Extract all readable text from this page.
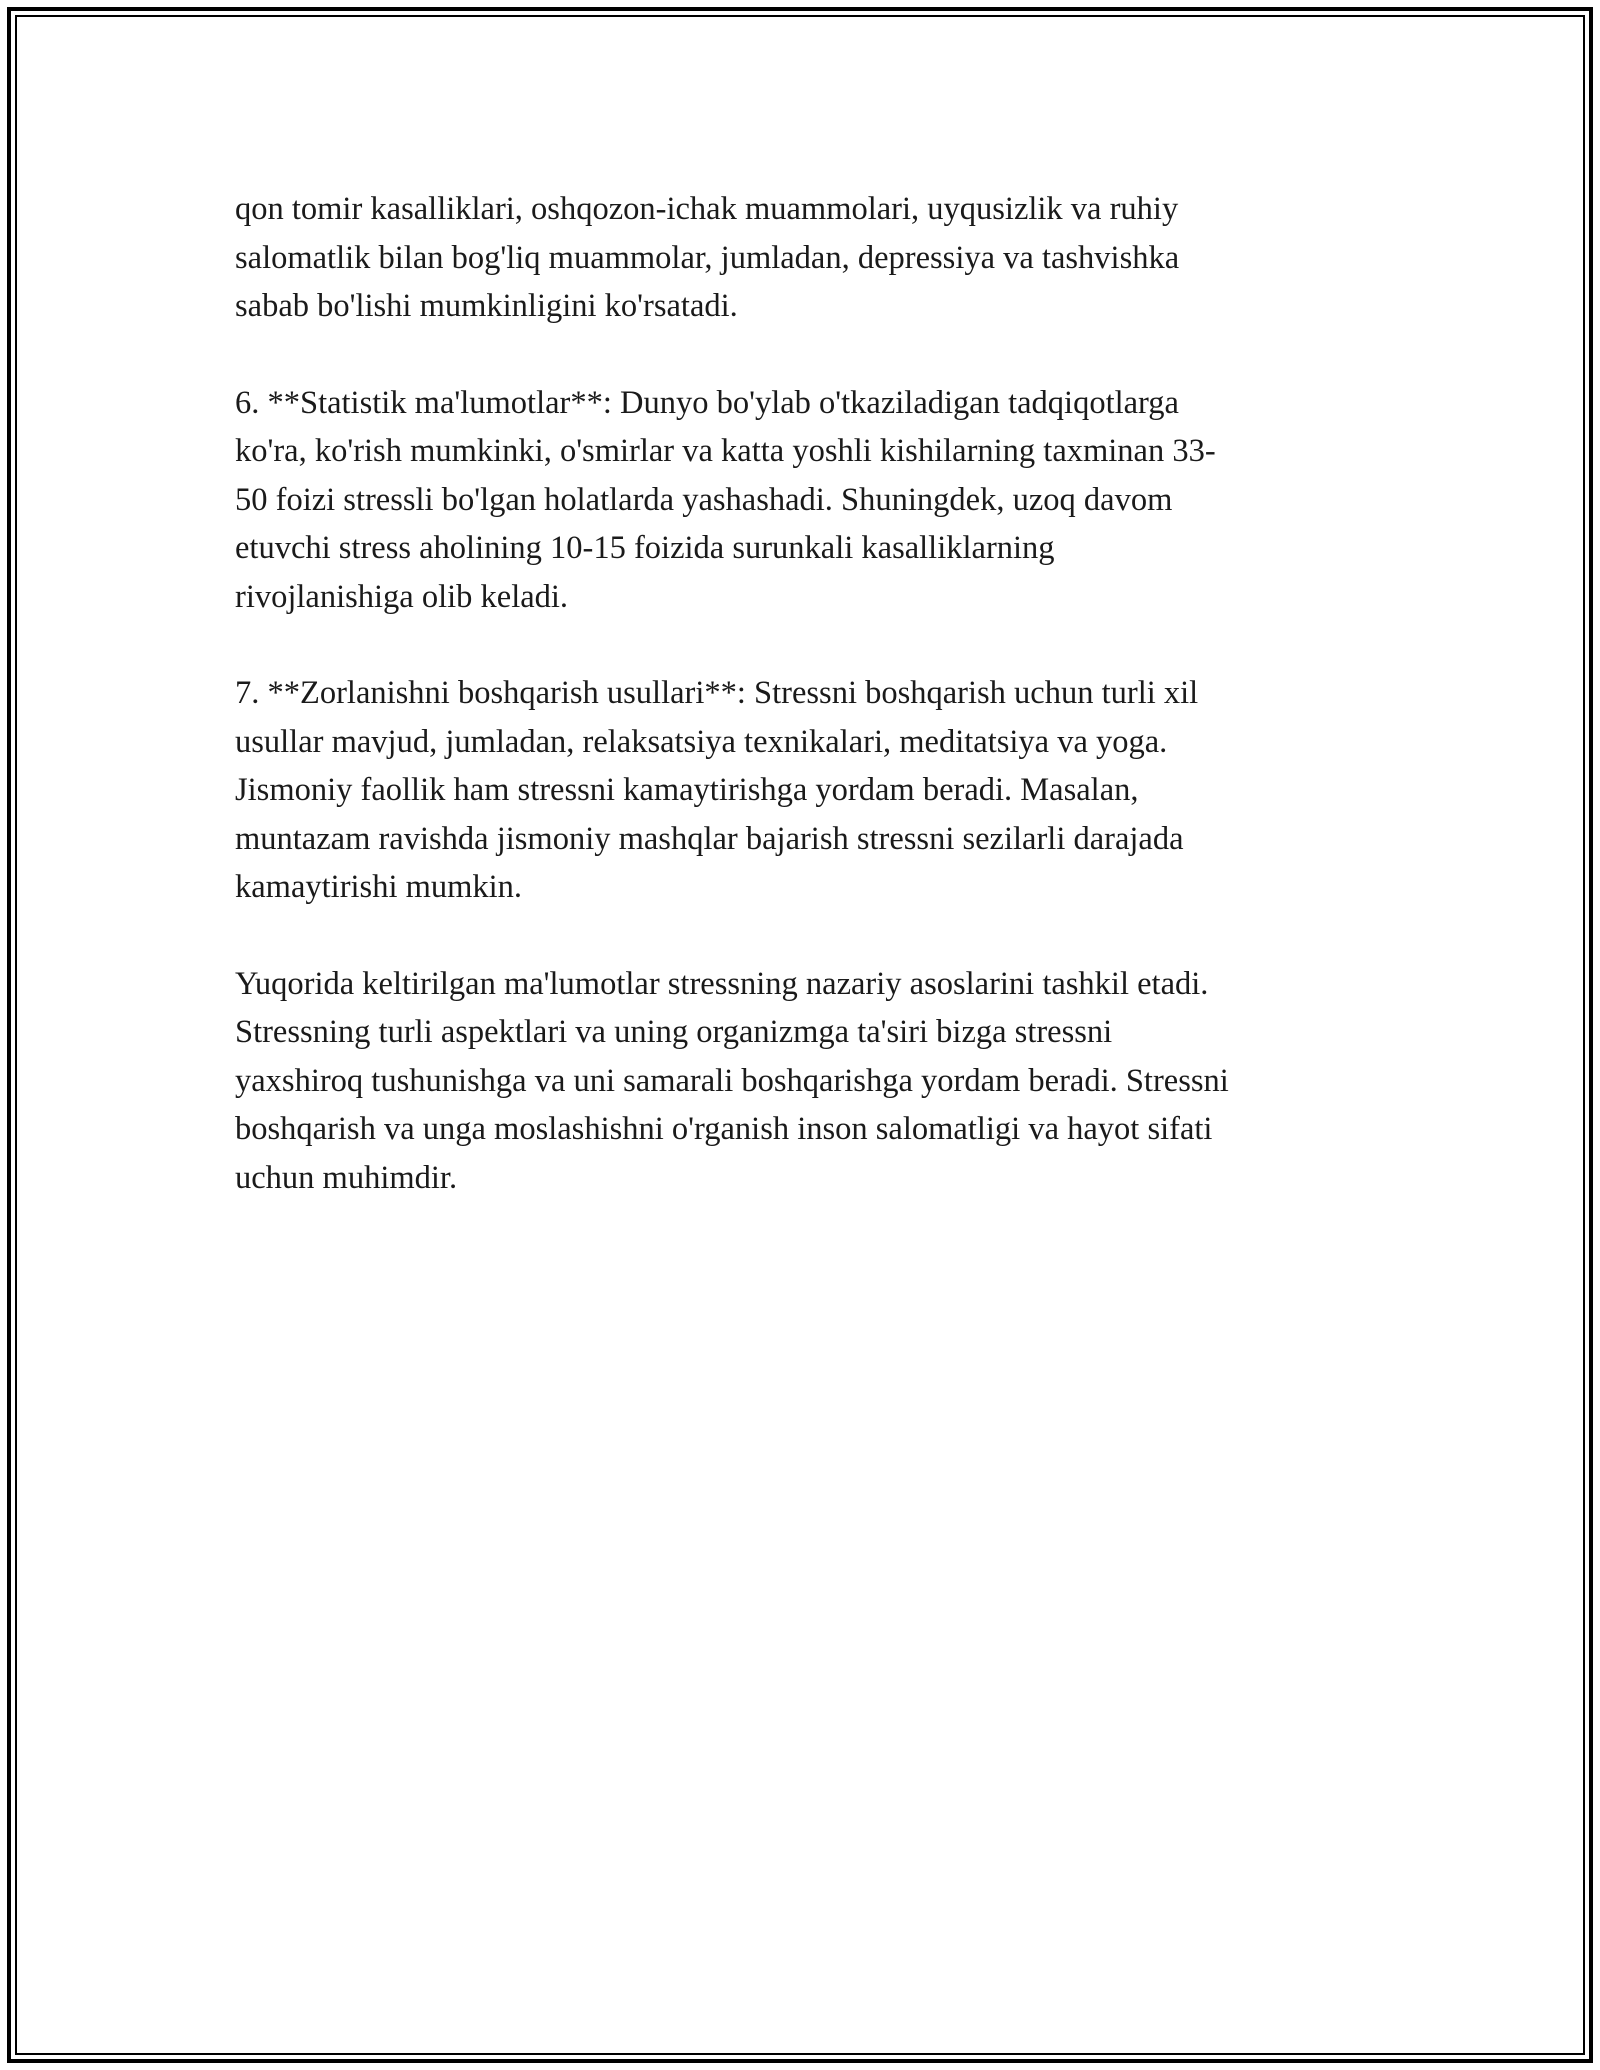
qon tomir kasalliklari, oshqozon-ichak muammolari, uyqusizlik va ruhiy
salomatlik bilan bog'liq muammolar, jumladan, depressiya va tashvishka
sabab bo'lishi mumkinligini ko'rsatadi.

6. **Statistik ma'lumotlar**: Dunyo bo'ylab o'tkaziladigan tadqiqotlarga
ko'ra, ko'rish mumkinki, o'smirlar va katta yoshli kishilarning taxminan 33-
50 foizi stressli bo'lgan holatlarda yashashadi. Shuningdek, uzoq davom
etuvchi stress aholining 10-15 foizida surunkali kasalliklarning
rivojlanishiga olib keladi.

7. **Zorlanishni boshqarish usullari**: Stressni boshqarish uchun turli xil
usullar mavjud, jumladan, relaksatsiya texnikalari, meditatsiya va yoga.
Jismoniy faollik ham stressni kamaytirishga yordam beradi. Masalan,
muntazam ravishda jismoniy mashqlar bajarish stressni sezilarli darajada
kamaytirishi mumkin.

Yuqorida keltirilgan ma'lumotlar stressning nazariy asoslarini tashkil etadi.
Stressning turli aspektlari va uning organizmga ta'siri bizga stressni
yaxshiroq tushunishga va uni samarali boshqarishga yordam beradi. Stressni
boshqarish va unga moslashishni o'rganish inson salomatligi va hayot sifati
uchun muhimdir.
